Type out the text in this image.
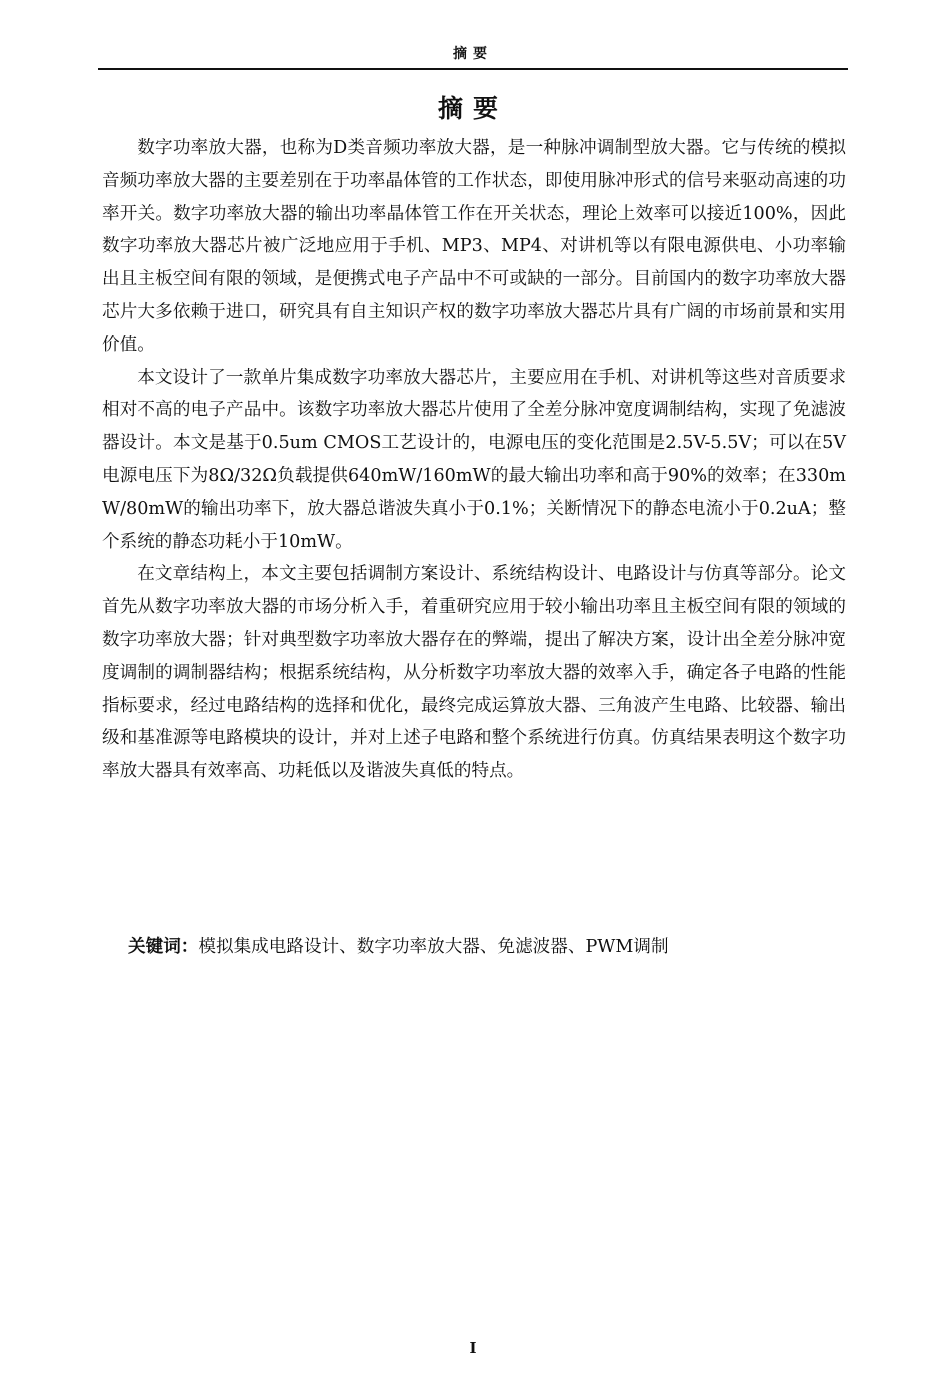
摘要
摘要

数字功率放大器，也称为D类音频功率放大器，是一种脉冲调制型放大器。它与传统的模拟音频功率放大器的主要差别在于功率晶体管的工作状态，即使用脉冲形式的信号来驱动高速的功率开关。数字功率放大器的输出功率晶体管工作在开关状态，理论上效率可以接近100%，因此数字功率放大器芯片被广泛地应用于手机、MP3、MP4、对讲机等以有限电源供电、小功率输出且主板空间有限的领域，是便携式电子产品中不可或缺的一部分。目前国内的数字功率放大器芯片大多依赖于进口，研究具有自主知识产权的数字功率放大器芯片具有广阔的市场前景和实用价值。

本文设计了一款单片集成数字功率放大器芯片，主要应用在手机、对讲机等这些对音质要求相对不高的电子产品中。该数字功率放大器芯片使用了全差分脉冲宽度调制结构，实现了免滤波器设计。本文是基于0.5um CMOS工艺设计的，电源电压的变化范围是2.5V-5.5V；可以在5V电源电压下为8Ω/32Ω负载提供640mW/160mW的最大输出功率和高于90%的效率；在330mW/80mW的输出功率下，放大器总谐波失真小于0.1%；关断情况下的静态电流小于0.2uA；整个系统的静态功耗小于10mW。

在文章结构上，本文主要包括调制方案设计、系统结构设计、电路设计与仿真等部分。论文首先从数字功率放大器的市场分析入手，着重研究应用于较小输出功率且主板空间有限的领域的数字功率放大器；针对典型数字功率放大器存在的弊端，提出了解决方案，设计出全差分脉冲宽度调制的调制器结构；根据系统结构，从分析数字功率放大器的效率入手，确定各子电路的性能指标要求，经过电路结构的选择和优化，最终完成运算放大器、三角波产生电路、比较器、输出级和基准源等电路模块的设计，并对上述子电路和整个系统进行仿真。仿真结果表明这个数字功率放大器具有效率高、功耗低以及谐波失真低的特点。

关键词：模拟集成电路设计、数字功率放大器、免滤波器、PWM调制
I
